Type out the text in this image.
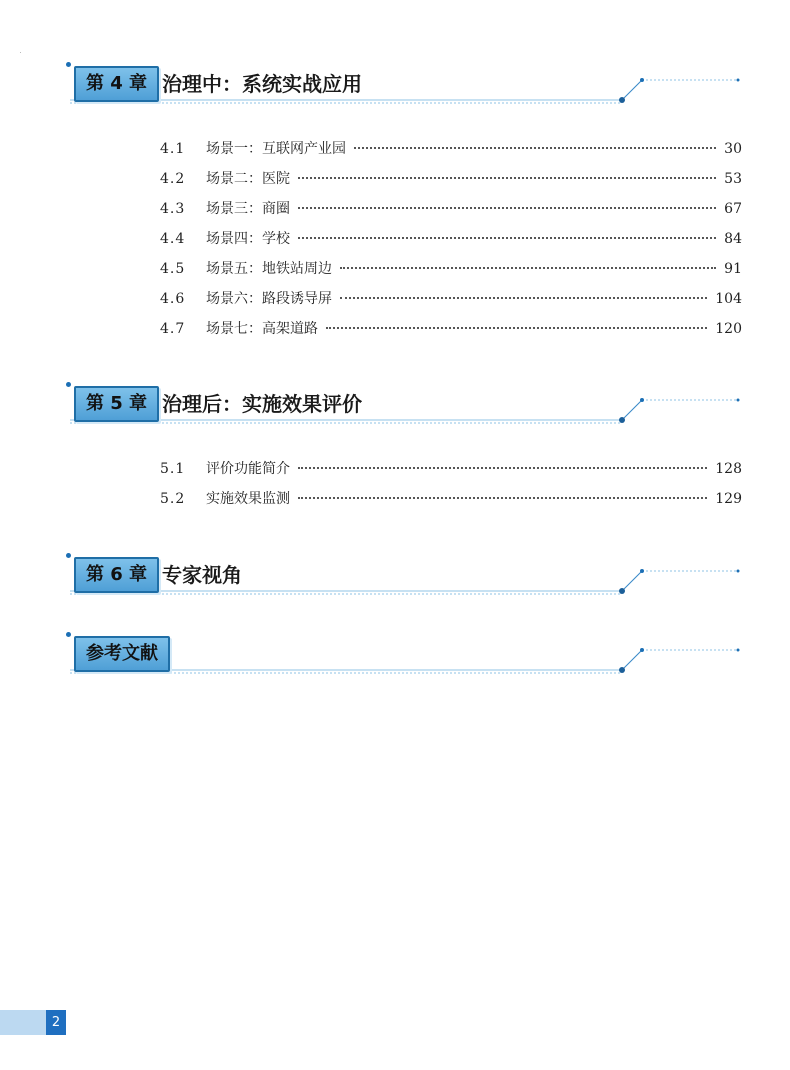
第 4 章 治理中：系统实战应用
4.1	场景一：互联网产业园	30
4.2	场景二：医院	53
4.3	场景三：商圈	67
4.4	场景四：学校	84
4.5	场景五：地铁站周边	91
4.6	场景六：路段诱导屏	104
4.7	场景七：高架道路	120
第 5 章 治理后：实施效果评价
5.1	评价功能简介	128
5.2	实施效果监测	129
第 6 章 专家视角
参考文献
2
